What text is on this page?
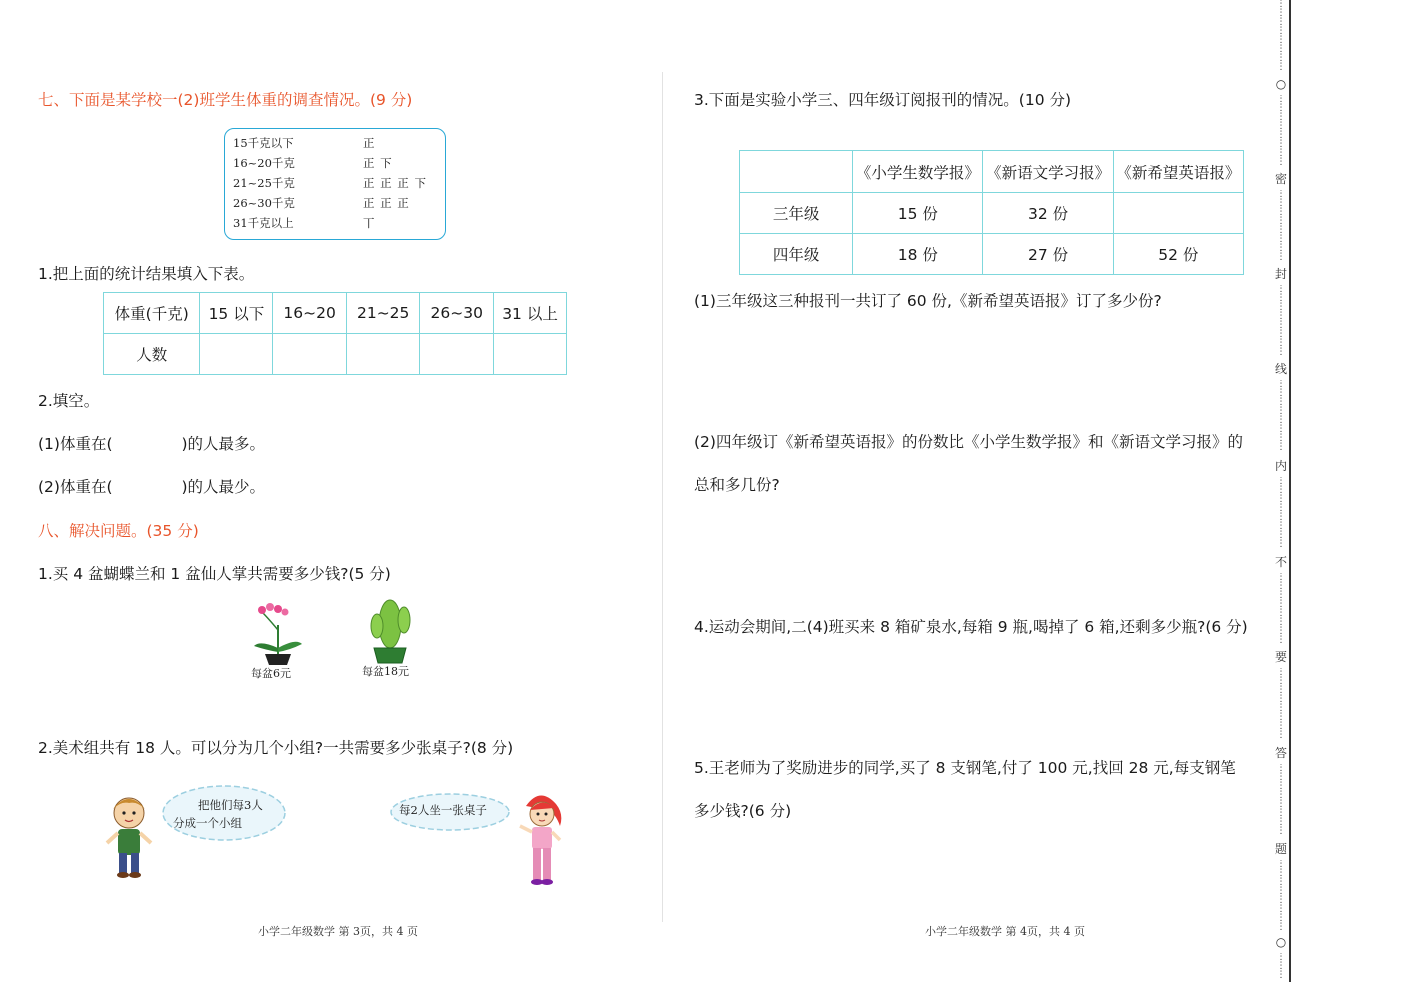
七、下面是某学校一(2)班学生体重的调查情况。(9 分)
15千克以下	正
16~20千克	正 下
21~25千克	正 正 正 下
26~30千克	正 正 正
31千克以上	丅
1.把上面的统计结果填入下表。
体重(千克)	15 以下	16~20	21~25	26~30	31 以上
人数					
2.填空。
(1)体重在(              )的人最多。
(2)体重在(              )的人最少。
八、解决问题。(35 分)
1.买 4 盆蝴蝶兰和 1 盆仙人掌共需要多少钱?(5 分)
每盆6元	每盆18元
2.美术组共有 18 人。可以分为几个小组?一共需要多少张桌子?(8 分)
把他们每3人
分成一个小组
每2人坐一张桌子
小学二年级数学 第 3页，共 4 页
3.下面是实验小学三、四年级订阅报刊的情况。(10 分)
	《小学生数学报》	《新语文学习报》	《新希望英语报》
三年级	15 份	32 份	
四年级	18 份	27 份	52 份
(1)三年级这三种报刊一共订了 60 份,《新希望英语报》订了多少份?
(2)四年级订《新希望英语报》的份数比《小学生数学报》和《新语文学习报》的
总和多几份?
4.运动会期间,二(4)班买来 8 箱矿泉水,每箱 9 瓶,喝掉了 6 箱,还剩多少瓶?(6 分)
5.王老师为了奖励进步的同学,买了 8 支钢笔,付了 100 元,找回 28 元,每支钢笔
多少钱?(6 分)
小学二年级数学 第 4页，共 4 页
⋮
⋮
⋮
⋮
⋮
⋮
⋮
⋮
○
⋮
⋮
⋮
⋮
⋮
⋮
⋮
⋮
密
⋮
⋮
⋮
⋮
⋮
⋮
⋮
⋮
封
⋮
⋮
⋮
⋮
⋮
⋮
⋮
⋮
线
⋮
⋮
⋮
⋮
⋮
⋮
⋮
⋮
内
⋮
⋮
⋮
⋮
⋮
⋮
⋮
⋮
不
⋮
⋮
⋮
⋮
⋮
⋮
⋮
⋮
要
⋮
⋮
⋮
⋮
⋮
⋮
⋮
⋮
答
⋮
⋮
⋮
⋮
⋮
⋮
⋮
⋮
题
⋮
⋮
⋮
⋮
⋮
⋮
⋮
⋮
○
⋮
⋮
⋮
